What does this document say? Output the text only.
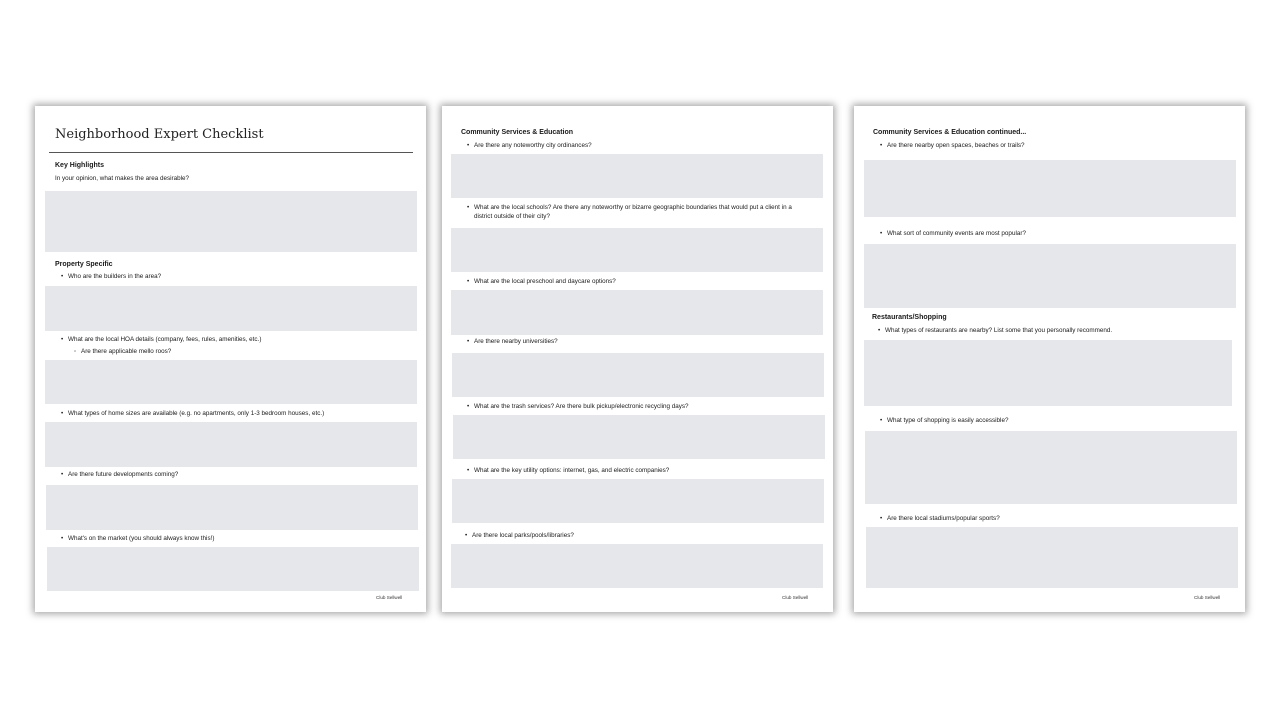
Neighborhood Expert Checklist
Key Highlights
In your opinion, what makes the area desirable?
Property Specific
• Who are the builders in the area?
• What are the local HOA details (company, fees, rules, amenities, etc.)
◦ Are there applicable mello roos?
• What types of home sizes are available (e.g. no apartments, only 1-3 bedroom houses, etc.)
• Are there future developments coming?
• What's on the market (you should always know this!)
Club Sellwell
Community Services & Education
• Are there any noteworthy city ordinances?
• What are the local schools? Are there any noteworthy or bizarre geographic boundaries that would put a client in a district outside of their city?
• What are the local preschool and daycare options?
• Are there nearby universities?
• What are the trash services? Are there bulk pickup/electronic recycling days?
• What are the key utility options: internet, gas, and electric companies?
• Are there local parks/pools/libraries?
Club Sellwell
Community Services & Education continued...
• Are there nearby open spaces, beaches or trails?
• What sort of community events are most popular?
Restaurants/Shopping
• What types of restaurants are nearby? List some that you personally recommend.
• What type of shopping is easily accessible?
• Are there local stadiums/popular sports?
Club Sellwell
